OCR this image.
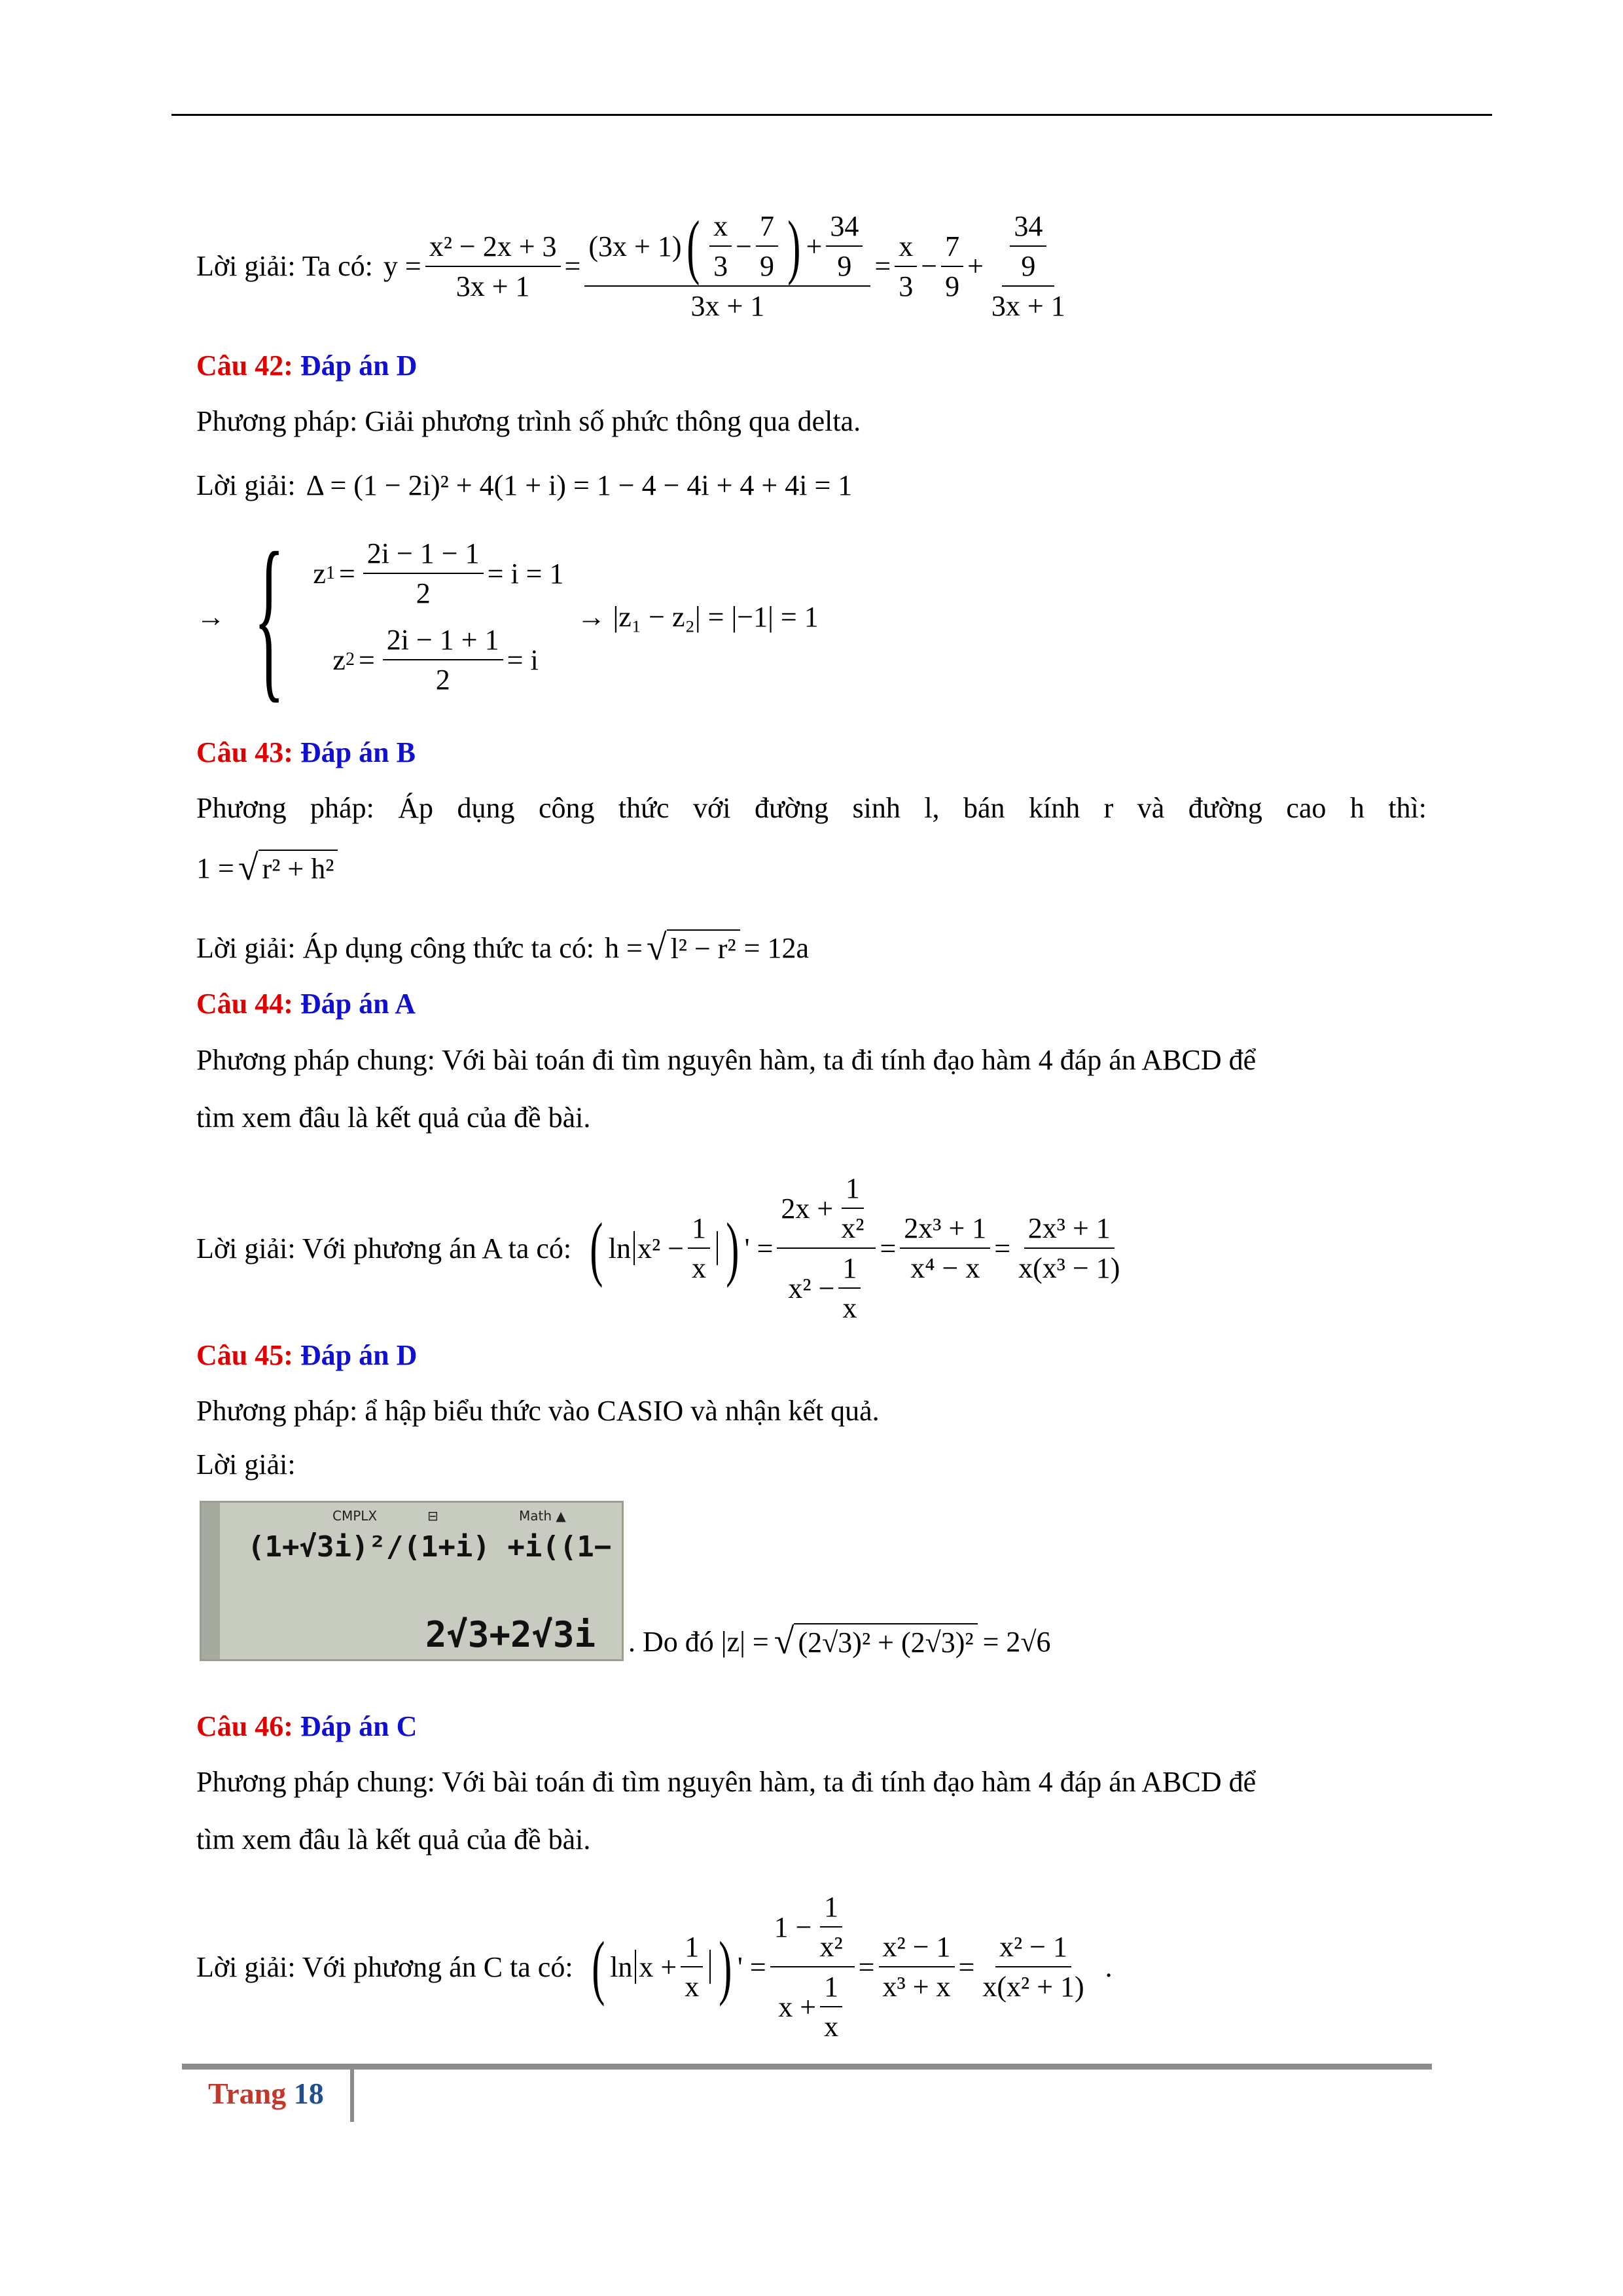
Lời giải: Ta có: $y = \frac{\text{x² − 2x + 3}}{3x + 1}$ =
(3x + 1) ( $\frac{x}{3} - \frac{7}{9}$ ) + $\frac{34}{9}$
3x + 1
= $\frac{x}{3} - \frac{7}{9} + \frac{\frac{34}{9}}{3x + 1}$
Câu 42: Đáp án D
Phương pháp: Giải phương trình số phức thông qua delta.
Lời giải: Δ = (1 − 2i)² + 4(1 + i) = 1 − 4 − 4i + 4 + 4i = 1
→ { z $1 = \frac{2i - 1 - 1}{2} = i = 1$
z $2 = \frac{2i - 1 + 1}{2} = i$
→ |z₁ − z₂| = |−1| = 1
Câu 43: Đáp án B
Phương pháp: Áp dụng công thức với đường sinh l, bán kính r và đường cao h thì:
1 = √ r² + h²
Lời giải: Áp dụng công thức ta có: h = √ l² − r² = 12a
Câu 44: Đáp án A
Phương pháp chung: Với bài toán đi tìm nguyên hàm, ta đi tính đạo hàm 4 đáp án ABCD để
tìm xem đâu là kết quả của đề bài.
Lời giải: Với phương án A ta có: ( $\ln x^2 - \frac{1}{x}$ ) ' = $\frac{2x + \frac{1}{\text{x²}}}{x^2 - \frac{1}{x}} = \frac{\text{2x³ + 1}}{\text{x⁴ − x}} = \frac{\text{2x³ + 1}}{\text{x(x³ − 1)}}$
Câu 45: Đáp án D
Phương pháp: ẩ hập biểu thức vào CASIO và nhận kết quả.
Lời giải:
CMPLX	⊟	Math ▲
(1+√3i)²/(1+i) +i((1−
2√3+2√3i . Do đó |z| = √ (2√3)² + (2√3)² = 2√6
Câu 46: Đáp án C
Phương pháp chung: Với bài toán đi tìm nguyên hàm, ta đi tính đạo hàm 4 đáp án ABCD để
tìm xem đâu là kết quả của đề bài.
Lời giải: Với phương án C ta có: ( $\ln x + \frac{1}{x}$ ) ' = $\frac{1 - \frac{1}{\text{x²}}}{x + \frac{1}{x}} = \frac{\text{x² − 1}}{\text{x³ + x}} = \frac{\text{x² − 1}}{\text{x(x² + 1)}}$ .
Trang 18
